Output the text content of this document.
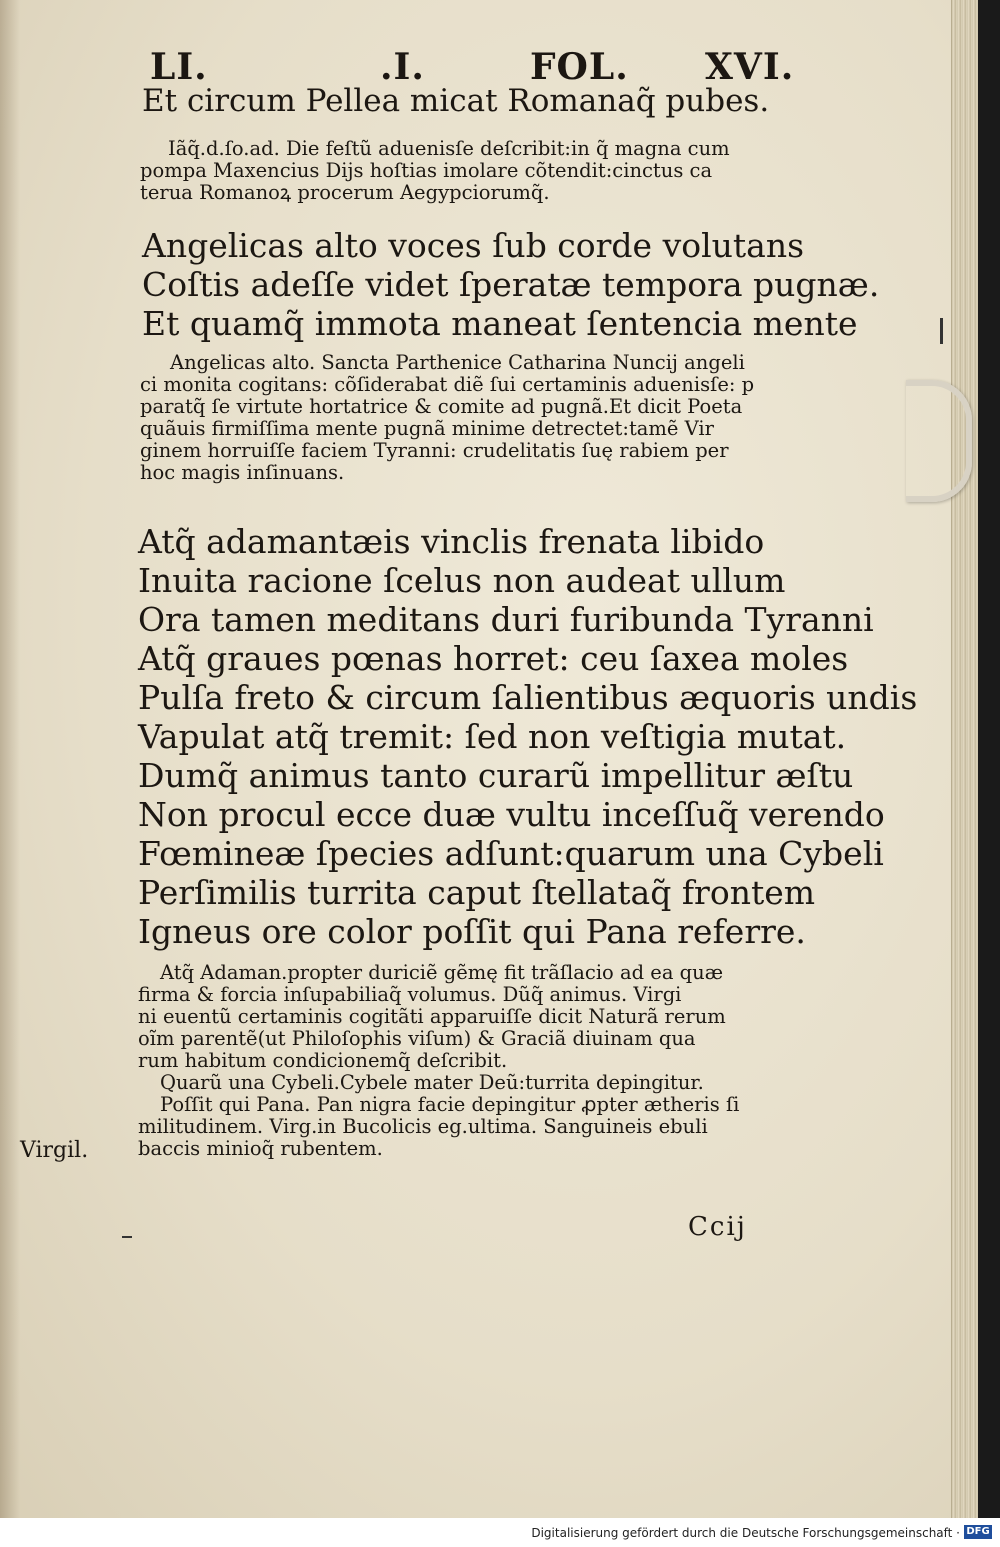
LI.	.I.	FOL. XVI.
Et circum Pellea micat Romanaq̃ pubes.
Iãq̃.d.ſo.ad. Die feſtũ aduenisſe deſcribit:in q̃ magna cum
pompa Maxencius Dijs hoſtias imolare cõtendit:cinctus ca
terua Romanoꝝ procerum Aegypciorumq̃.
Angelicas alto voces ſub corde volutans
Coſtis adeſſe videt ſperatæ tempora pugnæ.
Et quamq̃ immota maneat ſentencia mente
Angelicas alto. Sancta Parthenice Catharina Nuncij angeli
ci monita cogitans: cõſiderabat diẽ ſui certaminis aduenisſe: p
paratq̃ ſe virtute hortatrice & comite ad pugnã.Et dicit Poeta
quãuis firmiſſima mente pugnã minime detrectet:tamẽ Vir
ginem horruiſſe faciem Tyranni: crudelitatis ſuę rabiem per
hoc magis inſinuans.
Atq̃ adamantæis vinclis frenata libido
Inuita racione ſcelus non audeat ullum
Ora tamen meditans duri furibunda Tyranni
Atq̃ graues pœnas horret: ceu ſaxea moles
Pulſa freto & circum ſalientibus æquoris undis
Vapulat atq̃ tremit: ſed non veſtigia mutat.
Dumq̃ animus tanto curarũ impellitur æſtu
Non procul ecce duæ vultu inceſſuq̃ verendo
Fœmineæ ſpecies adſunt:quarum una Cybeli
Perſimilis turrita caput ſtellataq̃ frontem
Igneus ore color poſſit qui Pana referre.
Atq̃ Adaman.propter duriciẽ gẽmę fit trãſlacio ad ea quæ
firma & forcia inſupabiliaq̃ volumus. Dũq̃ animus. Virgi
ni euentũ certaminis cogitãti apparuiſſe dicit Naturã rerum
oĩm parentẽ(ut Philoſophis viſum) & Graciã diuinam qua
rum habitum condicionemq̃ deſcribit.
Quarũ una Cybeli.Cybele mater Deũ:turrita depingitur.
Poſſit qui Pana. Pan nigra facie depingitur ꝓpter ætheris ſi
militudinem. Virg.in Bucolicis eg.ultima. Sanguineis ebuli
baccis minioq̃ rubentem.
Virgil.
Ccij
Digitalisierung gefördert durch die Deutsche Forschungsgemeinschaft · DFG
